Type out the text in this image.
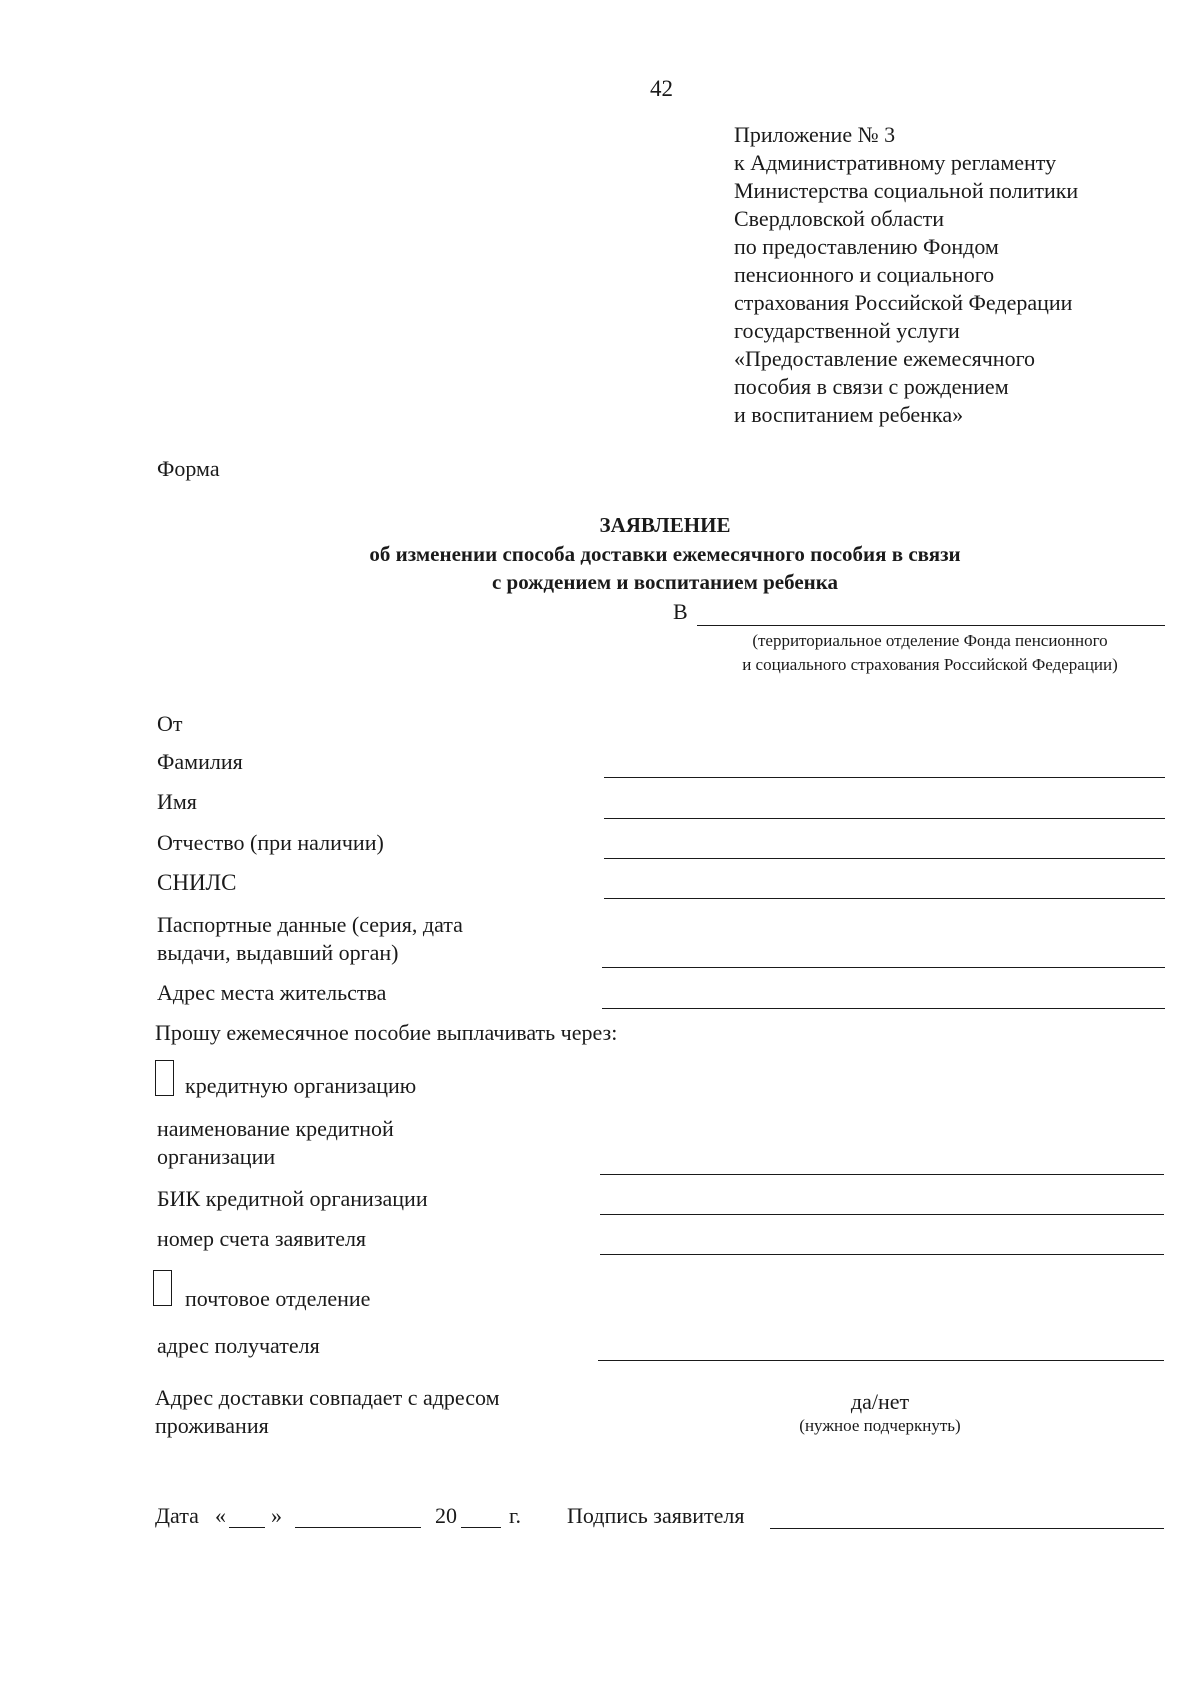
42
Приложение № 3
к Административному регламенту
Министерства социальной политики
Свердловской области
по предоставлению Фондом
пенсионного и социального
страхования Российской Федерации
государственной услуги
«Предоставление ежемесячного
пособия в связи с рождением
и воспитанием ребенка»
Форма
ЗАЯВЛЕНИЕ
об изменении способа доставки ежемесячного пособия в связи
с рождением и воспитанием ребенка
В
(территориальное отделение Фонда пенсионного
и социального страхования Российской Федерации)
От
Фамилия
Имя
Отчество (при наличии)
СНИЛС
Паспортные данные (серия, дата
выдачи, выдавший орган)
Адрес места жительства
Прошу ежемесячное пособие выплачивать через:
кредитную организацию
наименование кредитной
организации
БИК кредитной организации
номер счета заявителя
почтовое отделение
адрес получателя
Адрес доставки совпадает с адресом
проживания
да/нет
(нужное подчеркнуть)
Дата « »	20 г. Подпись заявителя
